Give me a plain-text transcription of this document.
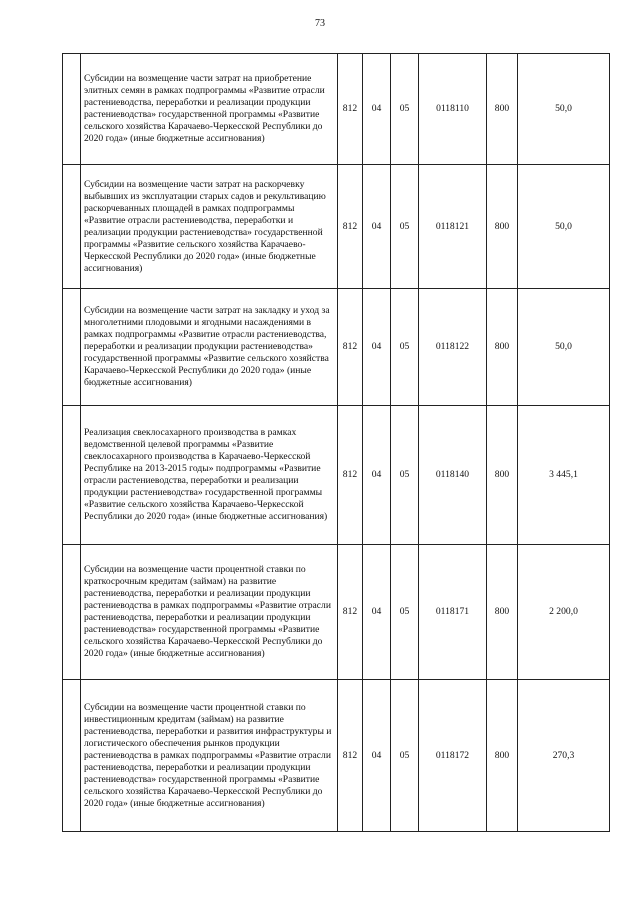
73
	Субсидии на возмещение части затрат на приобретение элитных семян в рамках подпрограммы «Развитие отрасли растениеводства, переработки и реализации продукции растениеводства» государственной программы «Развитие сельского хозяйства Карачаево-Черкесской Республики до 2020 года» (иные бюджетные ассигнования)	812	04	05	0118110	800	50,0
	Субсидии на возмещение части затрат на раскорчевку выбывших из эксплуатации старых садов и рекультивацию раскорчеванных площадей в рамках подпрограммы «Развитие отрасли растениеводства, переработки и реализации продукции растениеводства» государственной программы «Развитие сельского хозяйства Карачаево-Черкесской Республики до 2020 года» (иные бюджетные ассигнования)	812	04	05	0118121	800	50,0
	Субсидии на возмещение части затрат на закладку и уход за многолетними плодовыми и ягодными насаждениями в рамках подпрограммы «Развитие отрасли растениеводства, переработки и реализации продукции растениеводства» государственной программы «Развитие сельского хозяйства Карачаево-Черкесской Республики до 2020 года» (иные бюджетные ассигнования)	812	04	05	0118122	800	50,0
	Реализация свеклосахарного производства в рамках ведомственной целевой программы «Развитие свеклосахарного производства в Карачаево-Черкесской Республике на 2013-2015 годы» подпрограммы «Развитие отрасли растениеводства, переработки и реализации продукции растениеводства» государственной программы «Развитие сельского хозяйства Карачаево-Черкесской Республики до 2020 года» (иные бюджетные ассигнования)	812	04	05	0118140	800	3 445,1
	Субсидии на возмещение части процентной ставки по краткосрочным кредитам (займам) на развитие растениеводства, переработки и реализации продукции растениеводства в рамках подпрограммы «Развитие отрасли растениеводства, переработки и реализации продукции растениеводства» государственной программы «Развитие сельского хозяйства Карачаево-Черкесской Республики до 2020 года» (иные бюджетные ассигнования)	812	04	05	0118171	800	2 200,0
	Субсидии на возмещение части процентной ставки по инвестиционным кредитам (займам) на развитие растениеводства, переработки и развития инфраструктуры и логистического обеспечения рынков продукции растениеводства в рамках подпрограммы «Развитие отрасли растениеводства, переработки и реализации продукции растениеводства» государственной программы «Развитие сельского хозяйства Карачаево-Черкесской Республики до 2020 года» (иные бюджетные ассигнования)	812	04	05	0118172	800	270,3
